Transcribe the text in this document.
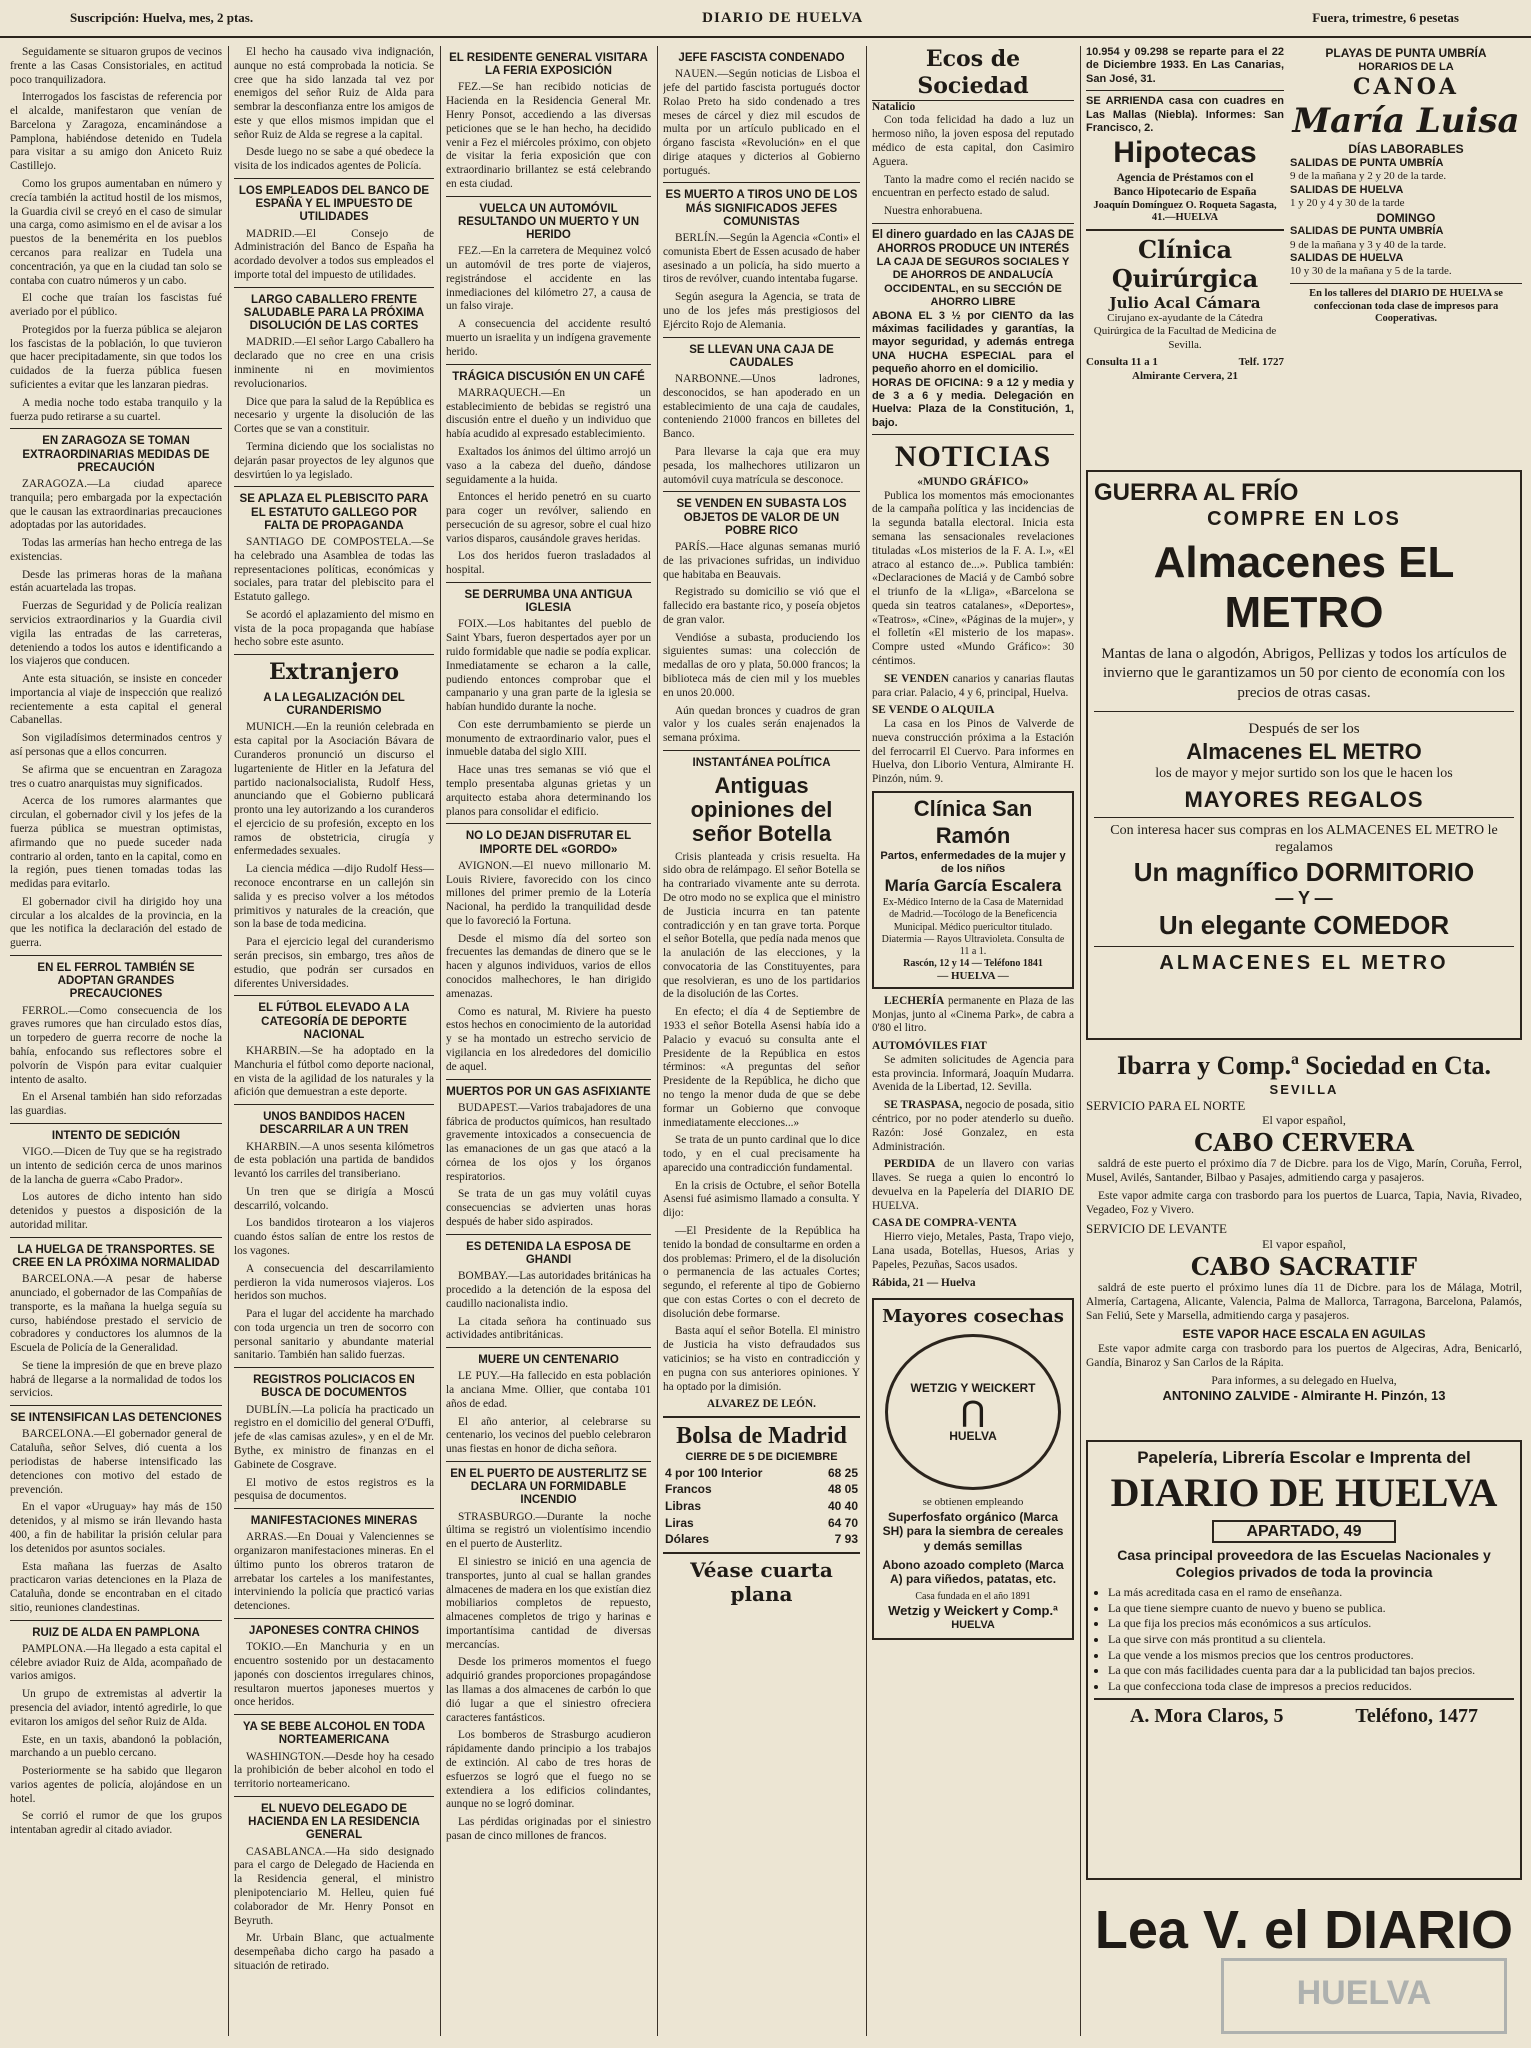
Suscripción: Huelva, mes, 2 ptas.	DIARIO DE HUELVA	Fuera, trimestre, 6 pesetas

Seguidamente se situaron grupos de vecinos frente a las Casas Consistoriales, en actitud poco tranquilizadora.

Interrogados los fascistas de referencia por el alcalde, manifestaron que venían de Barcelona y Zaragoza, encaminándose a Pamplona, habiéndose detenido en Tudela para visitar a su amigo don Aniceto Ruiz Castillejo.

Como los grupos aumentaban en número y crecía también la actitud hostil de los mismos, la Guardia civil se creyó en el caso de simular una carga, como asimismo en el de avisar a los puestos de la benemérita en los pueblos cercanos para realizar en Tudela una concentración, ya que en la ciudad tan solo se contaba con cuatro números y un cabo.

El coche que traían los fascistas fué averiado por el público.

Protegidos por la fuerza pública se alejaron los fascistas de la población, lo que tuvieron que hacer precipitadamente, sin que todos los cuidados de la fuerza pública fuesen suficientes a evitar que les lanzaran piedras.

A media noche todo estaba tranquilo y la fuerza pudo retirarse a su cuartel.

EN ZARAGOZA SE TOMAN EXTRAORDINARIAS MEDIDAS DE PRECAUCIÓN

ZARAGOZA.—La ciudad aparece tranquila; pero embargada por la expectación que le causan las extraordinarias precauciones adoptadas por las autoridades.

Todas las armerías han hecho entrega de las existencias.

Desde las primeras horas de la mañana están acuartelada las tropas.

Fuerzas de Seguridad y de Policía realizan servicios extraordinarios y la Guardia civil vigila las entradas de las carreteras, deteniendo a todos los autos e identificando a los viajeros que conducen.

Ante esta situación, se insiste en conceder importancia al viaje de inspección que realizó recientemente a esta capital el general Cabanellas.

Son vigiladísimos determinados centros y así personas que a ellos concurren.

Se afirma que se encuentran en Zaragoza tres o cuatro anarquistas muy significados.

Acerca de los rumores alarmantes que circulan, el gobernador civil y los jefes de la fuerza pública se muestran optimistas, afirmando que no puede suceder nada contrario al orden, tanto en la capital, como en la región, pues tienen tomadas todas las medidas para evitarlo.

El gobernador civil ha dirigido hoy una circular a los alcaldes de la provincia, en la que les notifica la declaración del estado de guerra.

EN EL FERROL TAMBIÉN SE ADOPTAN GRANDES PRECAUCIONES

FERROL.—Como consecuencia de los graves rumores que han circulado estos días, un torpedero de guerra recorre de noche la bahía, enfocando sus reflectores sobre el polvorín de Vispón para evitar cualquier intento de asalto.

En el Arsenal también han sido reforzadas las guardias.

INTENTO DE SEDICIÓN

VIGO.—Dicen de Tuy que se ha registrado un intento de sedición cerca de unos marinos de la lancha de guerra «Cabo Prador».

Los autores de dicho intento han sido detenidos y puestos a disposición de la autoridad militar.

LA HUELGA DE TRANSPORTES. SE CREE EN LA PRÓXIMA NORMALIDAD

BARCELONA.—A pesar de haberse anunciado, el gobernador de las Compañías de transporte, es la mañana la huelga seguía su curso, habiéndose prestado el servicio de cobradores y conductores los alumnos de la Escuela de Policía de la Generalidad.

Se tiene la impresión de que en breve plazo habrá de llegarse a la normalidad de todos los servicios.

SE INTENSIFICAN LAS DETENCIONES

BARCELONA.—El gobernador general de Cataluña, señor Selves, dió cuenta a los periodistas de haberse intensificado las detenciones con motivo del estado de prevención.

En el vapor «Uruguay» hay más de 150 detenidos, y al mismo se irán llevando hasta 400, a fin de habilitar la prisión celular para los detenidos por asuntos sociales.

Esta mañana las fuerzas de Asalto practicaron varias detenciones en la Plaza de Cataluña, donde se encontraban en el citado sitio, reuniones clandestinas.

RUIZ DE ALDA EN PAMPLONA

PAMPLONA.—Ha llegado a esta capital el célebre aviador Ruiz de Alda, acompañado de varios amigos.

Un grupo de extremistas al advertir la presencia del aviador, intentó agredirle, lo que evitaron los amigos del señor Ruiz de Alda.

Este, en un taxis, abandonó la población, marchando a un pueblo cercano.

Posteriormente se ha sabido que llegaron varios agentes de policía, alojándose en un hotel.

Se corrió el rumor de que los grupos intentaban agredir al citado aviador.

El hecho ha causado viva indignación, aunque no está comprobada la noticia. Se cree que ha sido lanzada tal vez por enemigos del señor Ruiz de Alda para sembrar la desconfianza entre los amigos de este y que ellos mismos impidan que el señor Ruiz de Alda se regrese a la capital.

Desde luego no se sabe a qué obedece la visita de los indicados agentes de Policía.

LOS EMPLEADOS DEL BANCO DE ESPAÑA Y EL IMPUESTO DE UTILIDADES

MADRID.—El Consejo de Administración del Banco de España ha acordado devolver a todos sus empleados el importe total del impuesto de utilidades.

LARGO CABALLERO FRENTE SALUDABLE PARA LA PRÓXIMA DISOLUCIÓN DE LAS CORTES

MADRID.—El señor Largo Caballero ha declarado que no cree en una crisis inminente ni en movimientos revolucionarios.

Dice que para la salud de la República es necesario y urgente la disolución de las Cortes que se van a constituir.

Termina diciendo que los socialistas no dejarán pasar proyectos de ley algunos que desvirtúen lo ya legislado.

SE APLAZA EL PLEBISCITO PARA EL ESTATUTO GALLEGO POR FALTA DE PROPAGANDA

SANTIAGO DE COMPOSTELA.—Se ha celebrado una Asamblea de todas las representaciones políticas, económicas y sociales, para tratar del plebiscito para el Estatuto gallego.

Se acordó el aplazamiento del mismo en vista de la poca propaganda que habíase hecho sobre este asunto.

Extranjero
A LA LEGALIZACIÓN DEL CURANDERISMO

MUNICH.—En la reunión celebrada en esta capital por la Asociación Bávara de Curanderos pronunció un discurso el lugarteniente de Hitler en la Jefatura del partido nacionalsocialista, Rudolf Hess, anunciando que el Gobierno publicará pronto una ley autorizando a los curanderos el ejercicio de su profesión, excepto en los ramos de obstetricia, cirugía y enfermedades sexuales.

La ciencia médica —dijo Rudolf Hess— reconoce encontrarse en un callejón sin salida y es preciso volver a los métodos primitivos y naturales de la creación, que son la base de toda medicina.

Para el ejercicio legal del curanderismo serán precisos, sin embargo, tres años de estudio, que podrán ser cursados en diferentes Universidades.

EL FÚTBOL ELEVADO A LA CATEGORÍA DE DEPORTE NACIONAL

KHARBIN.—Se ha adoptado en la Manchuria el fútbol como deporte nacional, en vista de la agilidad de los naturales y la afición que demuestran a este deporte.

UNOS BANDIDOS HACEN DESCARRILAR A UN TREN

KHARBIN.—A unos sesenta kilómetros de esta población una partida de bandidos levantó los carriles del transiberiano.

Un tren que se dirigía a Moscú descarriló, volcando.

Los bandidos tirotearon a los viajeros cuando éstos salían de entre los restos de los vagones.

A consecuencia del descarrilamiento perdieron la vida numerosos viajeros. Los heridos son muchos.

Para el lugar del accidente ha marchado con toda urgencia un tren de socorro con personal sanitario y abundante material sanitario. También han salido fuerzas.

REGISTROS POLICIACOS EN BUSCA DE DOCUMENTOS

DUBLÍN.—La policía ha practicado un registro en el domicilio del general O'Duffi, jefe de «las camisas azules», y en el de Mr. Bythe, ex ministro de finanzas en el Gabinete de Cosgrave.

El motivo de estos registros es la pesquisa de documentos.

MANIFESTACIONES MINERAS

ARRAS.—En Douai y Valenciennes se organizaron manifestaciones mineras. En el último punto los obreros trataron de arrebatar los carteles a los manifestantes, interviniendo la policía que practicó varias detenciones.

JAPONESES CONTRA CHINOS

TOKIO.—En Manchuria y en un encuentro sostenido por un destacamento japonés con doscientos irregulares chinos, resultaron muertos japoneses muertos y once heridos.

YA SE BEBE ALCOHOL EN TODA NORTEAMERICANA

WASHINGTON.—Desde hoy ha cesado la prohibición de beber alcohol en todo el territorio norteamericano.

EL NUEVO DELEGADO DE HACIENDA EN LA RESIDENCIA GENERAL

CASABLANCA.—Ha sido designado para el cargo de Delegado de Hacienda en la Residencia general, el ministro plenipotenciario M. Helleu, quien fué colaborador de Mr. Henry Ponsot en Beyruth.

Mr. Urbain Blanc, que actualmente desempeñaba dicho cargo ha pasado a situación de retirado.

EL RESIDENTE GENERAL VISITARA LA FERIA EXPOSICIÓN

FEZ.—Se han recibido noticias de Hacienda en la Residencia General Mr. Henry Ponsot, accediendo a las diversas peticiones que se le han hecho, ha decidido venir a Fez el miércoles próximo, con objeto de visitar la feria exposición que con extraordinario brillantez se está celebrando en esta ciudad.

VUELCA UN AUTOMÓVIL RESULTANDO UN MUERTO Y UN HERIDO

FEZ.—En la carretera de Mequinez volcó un automóvil de tres porte de viajeros, registrándose el accidente en las inmediaciones del kilómetro 27, a causa de un falso viraje.

A consecuencia del accidente resultó muerto un israelita y un indígena gravemente herido.

TRÁGICA DISCUSIÓN EN UN CAFÉ

MARRAQUECH.—En un establecimiento de bebidas se registró una discusión entre el dueño y un individuo que había acudido al expresado establecimiento.

Exaltados los ánimos del último arrojó un vaso a la cabeza del dueño, dándose seguidamente a la huida.

Entonces el herido penetró en su cuarto para coger un revólver, saliendo en persecución de su agresor, sobre el cual hizo varios disparos, causándole graves heridas.

Los dos heridos fueron trasladados al hospital.

SE DERRUMBA UNA ANTIGUA IGLESIA

FOIX.—Los habitantes del pueblo de Saint Ybars, fueron despertados ayer por un ruido formidable que nadie se podía explicar. Inmediatamente se echaron a la calle, pudiendo entonces comprobar que el campanario y una gran parte de la iglesia se habían hundido durante la noche.

Con este derrumbamiento se pierde un monumento de extraordinario valor, pues el inmueble databa del siglo XIII.

Hace unas tres semanas se vió que el templo presentaba algunas grietas y un arquitecto estaba ahora determinando los planos para consolidar el edificio.

NO LO DEJAN DISFRUTAR EL IMPORTE DEL «GORDO»

AVIGNON.—El nuevo millonario M. Louis Riviere, favorecido con los cinco millones del primer premio de la Lotería Nacional, ha perdido la tranquilidad desde que lo favoreció la Fortuna.

Desde el mismo día del sorteo son frecuentes las demandas de dinero que se le hacen y algunos individuos, varios de ellos conocidos malhechores, le han dirigido amenazas.

Como es natural, M. Riviere ha puesto estos hechos en conocimiento de la autoridad y se ha montado un estrecho servicio de vigilancia en los alrededores del domicilio de aquel.

MUERTOS POR UN GAS ASFIXIANTE

BUDAPEST.—Varios trabajadores de una fábrica de productos químicos, han resultado gravemente intoxicados a consecuencia de las emanaciones de un gas que atacó a la córnea de los ojos y los órganos respiratorios.

Se trata de un gas muy volátil cuyas consecuencias se advierten unas horas después de haber sido aspirados.

ES DETENIDA LA ESPOSA DE GHANDI

BOMBAY.—Las autoridades británicas ha procedido a la detención de la esposa del caudillo nacionalista indio.

La citada señora ha continuado sus actividades antibritánicas.

MUERE UN CENTENARIO

LE PUY.—Ha fallecido en esta población la anciana Mme. Ollier, que contaba 101 años de edad.

El año anterior, al celebrarse su centenario, los vecinos del pueblo celebraron unas fiestas en honor de dicha señora.

EN EL PUERTO DE AUSTERLITZ SE DECLARA UN FORMIDABLE INCENDIO

STRASBURGO.—Durante la noche última se registró un violentísimo incendio en el puerto de Austerlitz.

El siniestro se inició en una agencia de transportes, junto al cual se hallan grandes almacenes de madera en los que existían diez mobiliarios completos de repuesto, almacenes completos de trigo y harinas e importantísima cantidad de diversas mercancías.

Desde los primeros momentos el fuego adquirió grandes proporciones propagándose las llamas a dos almacenes de carbón lo que dió lugar a que el siniestro ofreciera caracteres fantásticos.

Los bomberos de Strasburgo acudieron rápidamente dando principio a los trabajos de extinción. Al cabo de tres horas de esfuerzos se logró que el fuego no se extendiera a los edificios colindantes, aunque no se logró dominar.

Las pérdidas originadas por el siniestro pasan de cinco millones de francos.

JEFE FASCISTA CONDENADO

NAUEN.—Según noticias de Lisboa el jefe del partido fascista portugués doctor Rolao Preto ha sido condenado a tres meses de cárcel y diez mil escudos de multa por un artículo publicado en el órgano fascista «Revolución» en el que dirige ataques y dicterios al Gobierno portugués.

ES MUERTO A TIROS UNO DE LOS MÁS SIGNIFICADOS JEFES COMUNISTAS

BERLÍN.—Según la Agencia «Conti» el comunista Ebert de Essen acusado de haber asesinado a un policía, ha sido muerto a tiros de revólver, cuando intentaba fugarse.

Según asegura la Agencia, se trata de uno de los jefes más prestigiosos del Ejército Rojo de Alemania.

SE LLEVAN UNA CAJA DE CAUDALES

NARBONNE.—Unos ladrones, desconocidos, se han apoderado en un establecimiento de una caja de caudales, conteniendo 21000 francos en billetes del Banco.

Para llevarse la caja que era muy pesada, los malhechores utilizaron un automóvil cuya matrícula se desconoce.

SE VENDEN EN SUBASTA LOS OBJETOS DE VALOR DE UN POBRE RICO

PARÍS.—Hace algunas semanas murió de las privaciones sufridas, un individuo que habitaba en Beauvais.

Registrado su domicilio se vió que el fallecido era bastante rico, y poseía objetos de gran valor.

Vendióse a subasta, produciendo los siguientes sumas: una colección de medallas de oro y plata, 50.000 francos; la biblioteca más de cien mil y los muebles en unos 20.000.

Aún quedan bronces y cuadros de gran valor y los cuales serán enajenados la semana próxima.

INSTANTÁNEA POLÍTICA
Antiguas opiniones del señor Botella

Crisis planteada y crisis resuelta. Ha sido obra de relámpago. El señor Botella se ha contrariado vivamente ante su derrota. De otro modo no se explica que el ministro de Justicia incurra en tan patente contradicción y en tan grave torta. Porque el señor Botella, que pedía nada menos que la anulación de las elecciones, y la convocatoria de las Constituyentes, para que resolvieran, es uno de los partidarios de la disolución de las Cortes.

En efecto; el día 4 de Septiembre de 1933 el señor Botella Asensi había ido a Palacio y evacuó su consulta ante el Presidente de la República en estos términos: «A preguntas del señor Presidente de la República, he dicho que no tengo la menor duda de que se debe formar un Gobierno que convoque inmediatamente elecciones...»

Se trata de un punto cardinal que lo dice todo, y en el cual precisamente ha aparecido una contradicción fundamental.

En la crisis de Octubre, el señor Botella Asensi fué asimismo llamado a consulta. Y dijo:

—El Presidente de la República ha tenido la bondad de consultarme en orden a dos problemas: Primero, el de la disolución o permanencia de las actuales Cortes; segundo, el referente al tipo de Gobierno que con estas Cortes o con el decreto de disolución debe formarse.

Basta aquí el señor Botella. El ministro de Justicia ha visto defraudados sus vaticinios; se ha visto en contradicción y en pugna con sus anteriores opiniones. Y ha optado por la dimisión.

ALVAREZ DE LEÓN.

Bolsa de Madrid
CIERRE DE 5 DE DICIEMBRE
4 por 100 Interior	68 25
Francos	48 05
Libras	40 40
Liras	64 70
Dólares	7 93
Véase cuarta plana
Ecos de Sociedad
Natalicio

Con toda felicidad ha dado a luz un hermoso niño, la joven esposa del reputado médico de esta capital, don Casimiro Aguera.

Tanto la madre como el recién nacido se encuentran en perfecto estado de salud.

Nuestra enhorabuena.

El dinero guardado en las CAJAS DE AHORROS PRODUCE UN INTERÉS
LA CAJA DE SEGUROS SOCIALES Y DE AHORROS DE ANDALUCÍA OCCIDENTAL, en su SECCIÓN DE AHORRO LIBRE
ABONA EL 3 ½ por CIENTO da las máximas facilidades y garantías, la mayor seguridad, y además entrega UNA HUCHA ESPECIAL para el pequeño ahorro en el domicilio.
HORAS DE OFICINA: 9 a 12 y media y de 3 a 6 y media. Delegación en Huelva: Plaza de la Constitución, 1, bajo.
NOTICIAS
«MUNDO GRÁFICO»

Publica los momentos más emocionantes de la campaña política y las incidencias de la segunda batalla electoral. Inicia esta semana las sensacionales revelaciones tituladas «Los misterios de la F. A. I.», «El atraco al estanco de...». Publica también: «Declaraciones de Maciá y de Cambó sobre el triunfo de la «Lliga», «Barcelona se queda sin teatros catalanes», «Deportes», «Teatros», «Cine», «Páginas de la mujer», y el folletín «El misterio de los mapas». Compre usted «Mundo Gráfico»: 30 céntimos.

SE VENDEN canarios y canarias flautas para criar. Palacio, 4 y 6, principal, Huelva.

SE VENDE O ALQUILA

La casa en los Pinos de Valverde de nueva construcción próxima a la Estación del ferrocarril El Cuervo. Para informes en Huelva, don Liborio Ventura, Almirante H. Pinzón, núm. 9.

Clínica San Ramón
Partos, enfermedades de la mujer y de los niños
María García Escalera
Ex-Médico Interno de la Casa de Maternidad de Madrid.—Tocólogo de la Beneficencia Municipal. Médico puericultor titulado. Diatermia — Rayos Ultravioleta. Consulta de 11 a 1.
Rascón, 12 y 14 — Teléfono 1841
— HUELVA —

LECHERÍA permanente en Plaza de las Monjas, junto al «Cinema Park», de cabra a 0'80 el litro.

AUTOMÓVILES FIAT

Se admiten solicitudes de Agencia para esta provincia. Informará, Joaquín Mudarra. Avenida de la Libertad, 12. Sevilla.

SE TRASPASA, negocio de posada, sitio céntrico, por no poder atenderlo su dueño. Razón: José Gonzalez, en esta Administración.

PERDIDA de un llavero con varias llaves. Se ruega a quien lo encontró lo devuelva en la Papelería del DIARIO DE HUELVA.

CASA DE COMPRA-VENTA

Hierro viejo, Metales, Pasta, Trapo viejo, Lana usada, Botellas, Huesos, Arias y Papeles, Pezuñas, Sacos usados.

Rábida, 21 — Huelva
Mayores cosechas
WETZIG Y WEICKERT
⋂
HUELVA
se obtienen empleando
Superfosfato orgánico (Marca SH) para la siembra de cereales y demás semillas
Abono azoado completo (Marca A) para viñedos, patatas, etc.
Casa fundada en el año 1891
Wetzig y Weickert y Comp.ª
HUELVA
10.954 y 09.298 se reparte para el 22 de Diciembre 1933. En Las Canarias, San José, 31.
SE ARRIENDA casa con cuadres en Las Mallas (Niebla). Informes: San Francisco, 2.
Hipotecas
Agencia de Préstamos con el
Banco Hipotecario de España
Joaquín Domínguez O. Roqueta Sagasta, 41.—HUELVA
Clínica Quirúrgica
Julio Acal Cámara
Cirujano ex-ayudante de la Cátedra Quirúrgica de la Facultad de Medicina de Sevilla.
Consulta 11 a 1	Telf. 1727
Almirante Cervera, 21
PLAYAS DE PUNTA UMBRÍA
HORARIOS DE LA
CANOA
María Luisa
DÍAS LABORABLES
SALIDAS DE PUNTA UMBRÍA
9 de la mañana y 2 y 20 de la tarde.
SALIDAS DE HUELVA
1 y 20 y 4 y 30 de la tarde
DOMINGO
SALIDAS DE PUNTA UMBRÍA
9 de la mañana y 3 y 40 de la tarde.
SALIDAS DE HUELVA
10 y 30 de la mañana y 5 de la tarde.
En los talleres del DIARIO DE HUELVA se confeccionan toda clase de impresos para Cooperativas.
GUERRA AL FRÍO
COMPRE EN LOS
Almacenes EL METRO
Mantas de lana o algodón, Abrigos, Pellizas y todos los artículos de invierno que le garantizamos un 50 por ciento de economía con los precios de otras casas.
Después de ser los
Almacenes EL METRO
los de mayor y mejor surtido son los que le hacen los
MAYORES REGALOS
Con interesa hacer sus compras en los ALMACENES EL METRO le regalamos
Un magnífico DORMITORIO
— Y —
Un elegante COMEDOR
ALMACENES EL METRO
Ibarra y Comp.ª Sociedad en Cta.
SEVILLA
SERVICIO PARA EL NORTE
El vapor español,
CABO CERVERA

saldrá de este puerto el próximo día 7 de Dicbre. para los de Vigo, Marín, Coruña, Ferrol, Musel, Avilés, Santander, Bilbao y Pasajes, admitiendo carga y pasajeros.

Este vapor admite carga con trasbordo para los puertos de Luarca, Tapia, Navia, Rivadeo, Vegadeo, Foz y Vivero.

SERVICIO DE LEVANTE
El vapor español,
CABO SACRATIF

saldrá de este puerto el próximo lunes día 11 de Dicbre. para los de Málaga, Motril, Almería, Cartagena, Alicante, Valencia, Palma de Mallorca, Tarragona, Barcelona, Palamós, San Feliú, Sete y Marsella, admitiendo carga y pasajeros.

ESTE VAPOR HACE ESCALA EN AGUILAS

Este vapor admite carga con trasbordo para los puertos de Algeciras, Adra, Benicarló, Gandía, Binaroz y San Carlos de la Rápita.

Para informes, a su delegado en Huelva,
ANTONINO ZALVIDE - Almirante H. Pinzón, 13
Papelería, Librería Escolar e Imprenta del
DIARIO DE HUELVA
APARTADO, 49
Casa principal proveedora de las Escuelas Nacionales y Colegios privados de toda la provincia
• La más acreditada casa en el ramo de enseñanza.
• La que tiene siempre cuanto de nuevo y bueno se publica.
• La que fija los precios más económicos a sus artículos.
• La que sirve con más prontitud a su clientela.
• La que vende a los mismos precios que los centros productores.
• La que con más facilidades cuenta para dar a la publicidad tan bajos precios.
• La que confecciona toda clase de impresos a precios reducidos.
A. Mora Claros, 5	Teléfono, 1477
Lea V. el DIARIO
HUELVA
